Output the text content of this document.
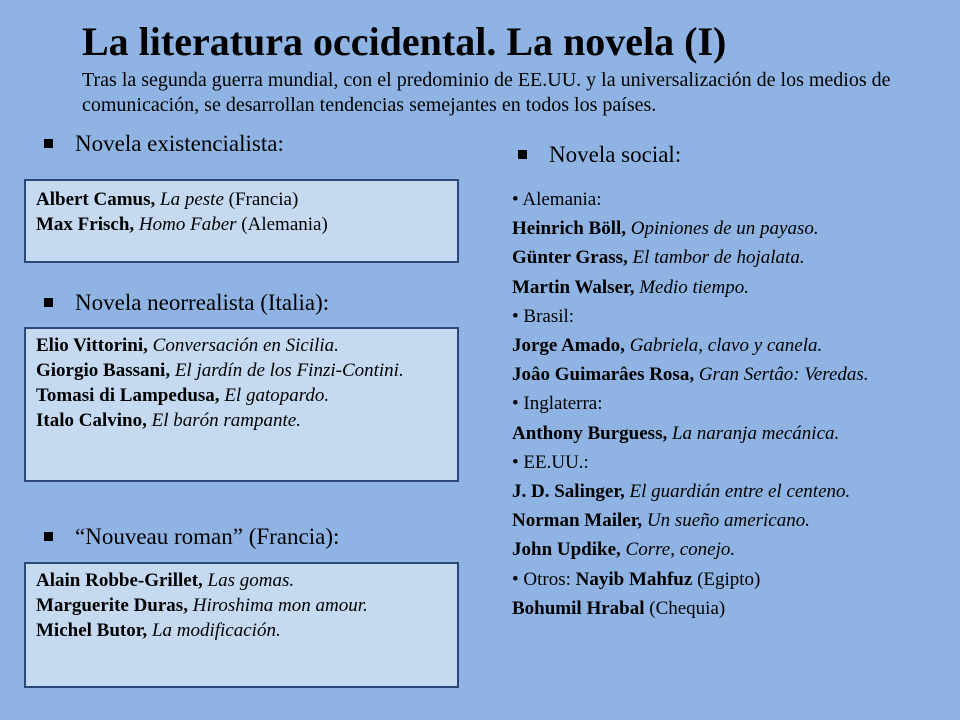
La literatura occidental. La novela (I)

Tras la segunda guerra mundial, con el predominio de EE.UU. y la universalización de los medios de comunicación, se desarrollan tendencias semejantes en todos los países.

Novela existencialista:
Albert Camus, La peste (Francia)
Max Frisch, Homo Faber (Alemania)
Novela neorrealista (Italia):
Elio Vittorini, Conversación en Sicilia.
Giorgio Bassani, El jardín de los Finzi-Contini.
Tomasi di Lampedusa, El gatopardo.
Italo Calvino, El barón rampante.
“Nouveau roman” (Francia):
Alain Robbe-Grillet, Las gomas.
Marguerite Duras, Hiroshima mon amour.
Michel Butor, La modificación.
Novela social:
• Alemania:
Heinrich Böll, Opiniones de un payaso.
Günter Grass, El tambor de hojalata.
Martin Walser, Medio tiempo.
• Brasil:
Jorge Amado, Gabriela, clavo y canela.
Joâo Guimarâes Rosa, Gran Sertâo: Veredas.
• Inglaterra:
Anthony Burguess, La naranja mecánica.
• EE.UU.:
J. D. Salinger, El guardián entre el centeno.
Norman Mailer, Un sueño americano.
John Updike, Corre, conejo.
• Otros: Nayib Mahfuz (Egipto)
Bohumil Hrabal (Chequia)
